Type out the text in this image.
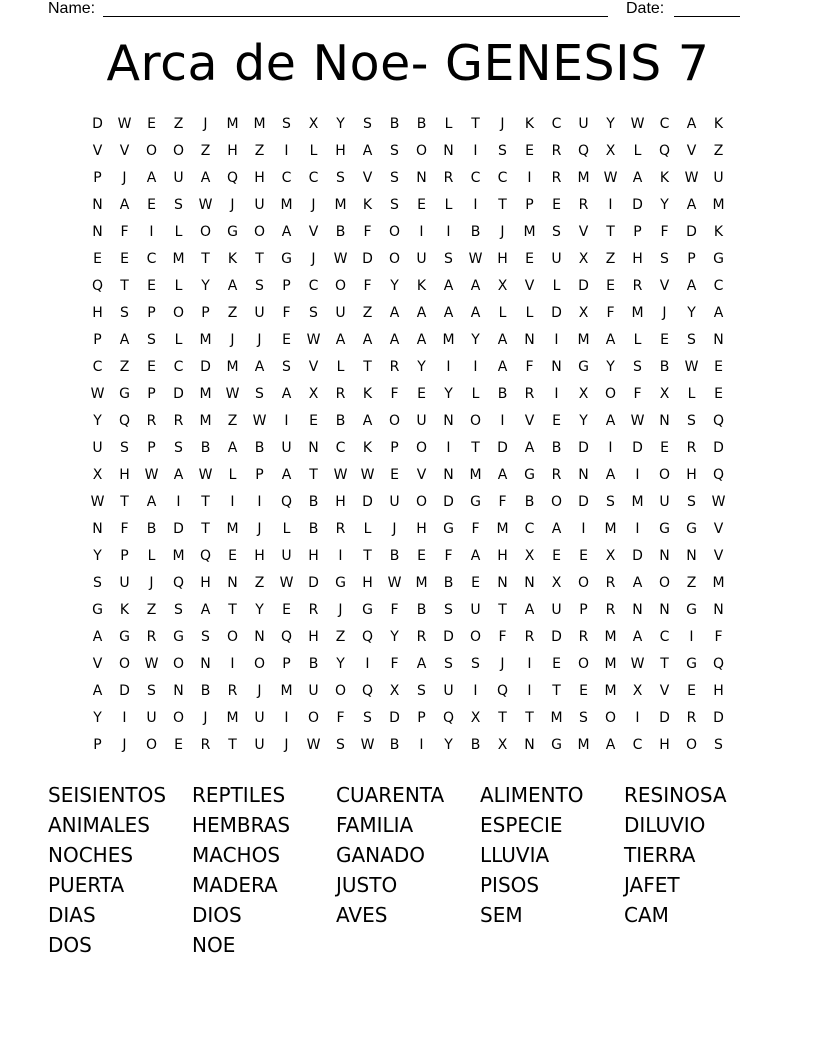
Name:	Date:
Arca de Noe- GENESIS 7
D	W	E	Z	J	M	M	S	X	Y	S	B	B	L	T	J	K	C	U	Y	W	C	A	K
V	V	O	O	Z	H	Z	I	L	H	A	S	O	N	I	S	E	R	Q	X	L	Q	V	Z
P	J	A	U	A	Q	H	C	C	S	V	S	N	R	C	C	I	R	M	W	A	K	W	U
N	A	E	S	W	J	U	M	J	M	K	S	E	L	I	T	P	E	R	I	D	Y	A	M
N	F	I	L	O	G	O	A	V	B	F	O	I	I	B	J	M	S	V	T	P	F	D	K
E	E	C	M	T	K	T	G	J	W	D	O	U	S	W	H	E	U	X	Z	H	S	P	G
Q	T	E	L	Y	A	S	P	C	O	F	Y	K	A	A	X	V	L	D	E	R	V	A	C
H	S	P	O	P	Z	U	F	S	U	Z	A	A	A	A	L	L	D	X	F	M	J	Y	A
P	A	S	L	M	J	J	E	W	A	A	A	A	M	Y	A	N	I	M	A	L	E	S	N
C	Z	E	C	D	M	A	S	V	L	T	R	Y	I	I	A	F	N	G	Y	S	B	W	E
W	G	P	D	M	W	S	A	X	R	K	F	E	Y	L	B	R	I	X	O	F	X	L	E
Y	Q	R	R	M	Z	W	I	E	B	A	O	U	N	O	I	V	E	Y	A	W	N	S	Q
U	S	P	S	B	A	B	U	N	C	K	P	O	I	T	D	A	B	D	I	D	E	R	D
X	H	W	A	W	L	P	A	T	W W	E	V	N	M	A	G	R	N	A	I	O	H	Q
W	T	A	I	T	I	I	Q	B	H	D	U	O	D	G	F	B	O	D	S	M	U	S	W
N	F	B	D	T	M	J	L	B	R	L	J	H	G	F	M	C	A	I	M	I	G	G	V
Y	P	L	M	Q	E	H	U	H	I	T	B	E	F	A	H	X	E	E	X	D	N	N	V
S	U	J	Q	H	N	Z	W	D	G	H	W	M	B	E	N	N	X	O	R	A	O	Z	M
G	K	Z	S	A	T	Y	E	R	J	G	F	B	S	U	T	A	U	P	R	N	N	G	N
A	G	R	G	S	O	N	Q	H	Z	Q	Y	R	D	O	F	R	D	R	M	A	C	I	F
V	O	W	O	N	I	O	P	B	Y	I	F	A	S	S	J	I	E	O	M	W	T	G	Q
A	D	S	N	B	R	J	M	U	O	Q	X	S	U	I	Q	I	T	E	M	X	V	E	H
Y	I	U	O	J	M	U	I	O	F	S	D	P	Q	X	T	T	M	S	O	I	D	R	D
P	J	O	E	R	T	U	J	W	S	W	B	I	Y	B	X	N	G	M	A	C	H	O	S
SEISIENTOS	REPTILES	CUARENTA	ALIMENTO	RESINOSA
ANIMALES	HEMBRAS	FAMILIA	ESPECIE	DILUVIO
NOCHES	MACHOS	GANADO	LLUVIA	TIERRA
PUERTA	MADERA	JUSTO	PISOS	JAFET
DIAS	DIOS	AVES	SEM	CAM
DOS	NOE
